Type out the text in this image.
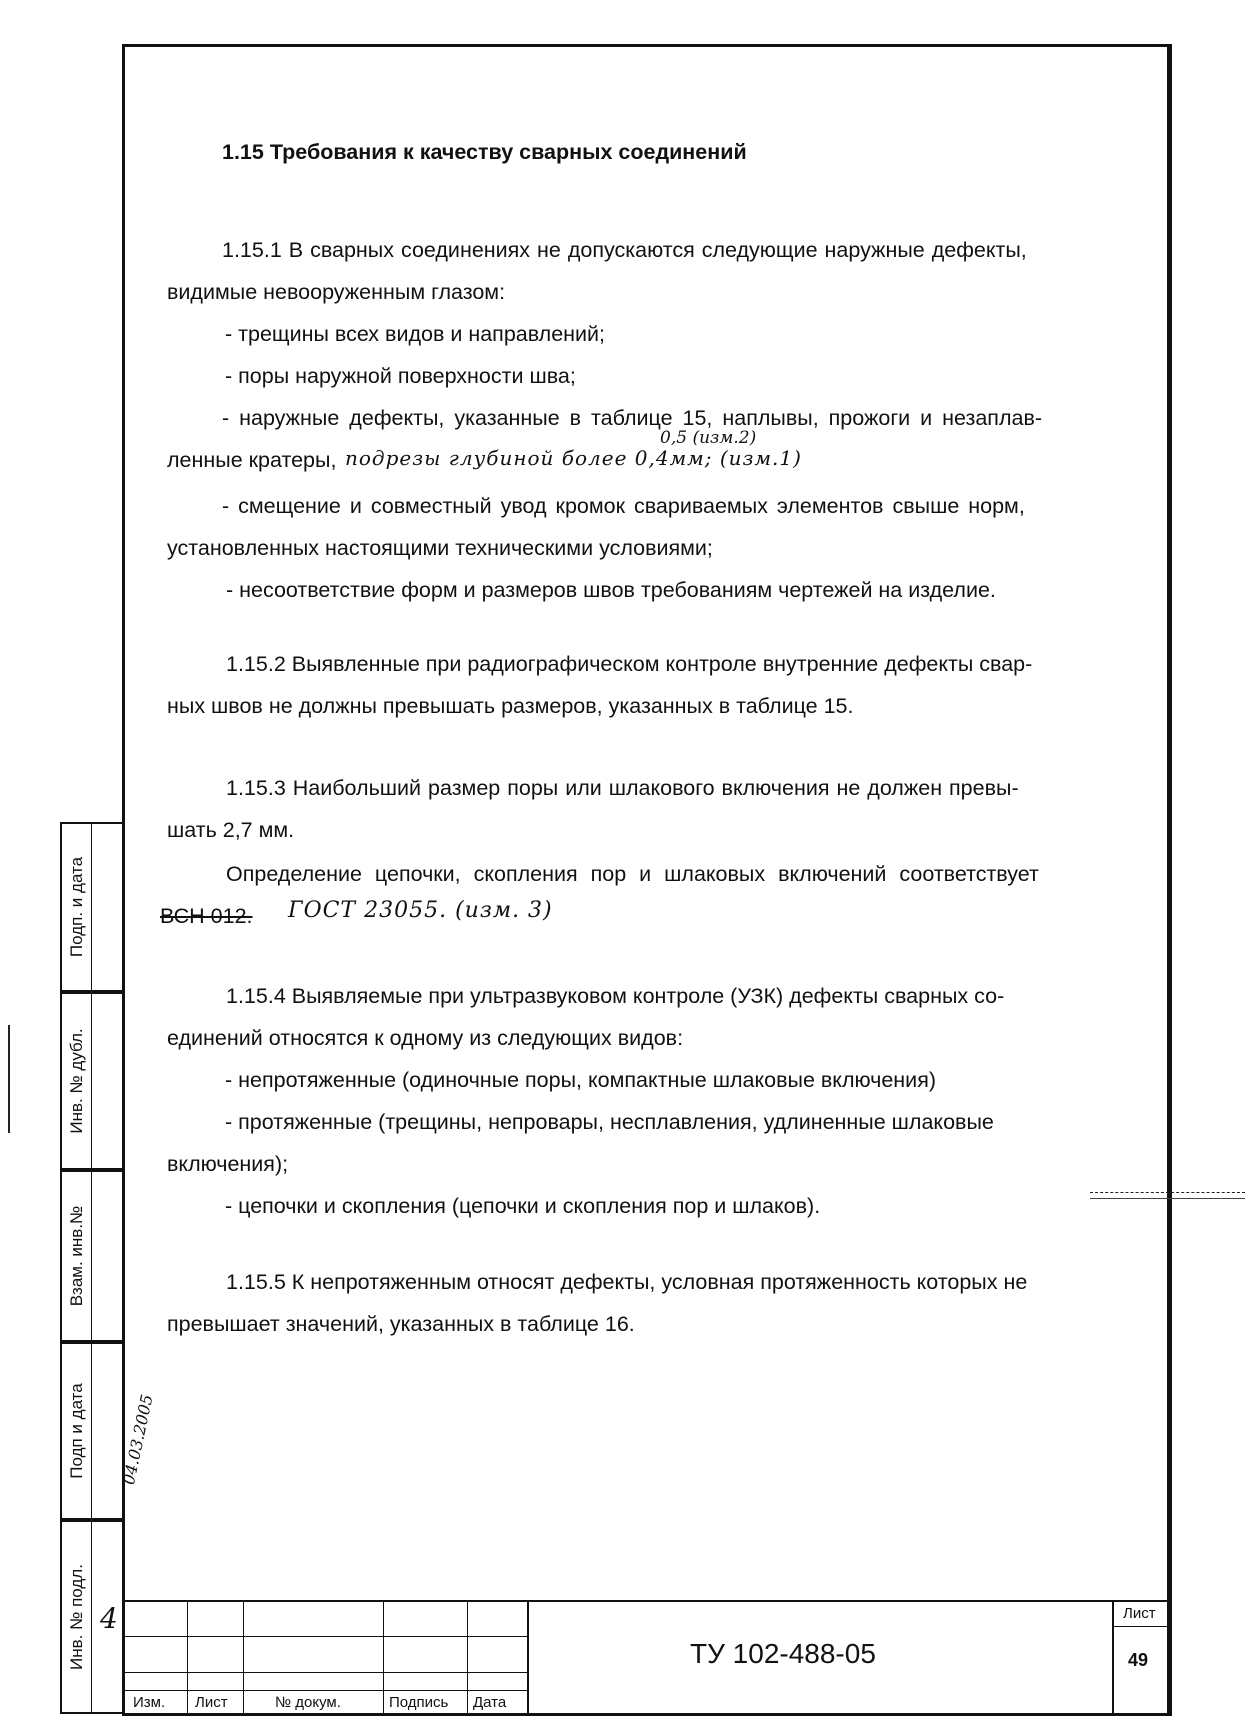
1.15 Требования к качеству сварных соединений
1.15.1 В сварных соединениях не допускаются следующие наружные дефекты,
видимые невооруженным глазом:
- трещины всех видов и направлений;
- поры наружной поверхности шва;
- наружные дефекты, указанные в таблице 15, наплывы, прожоги и незаплав-
ленные кратеры, подрезы глубиной более 0,4мм; (изм.1)
0,5 (изм.2)
- смещение и совместный увод кромок свариваемых элементов свыше норм,
установленных настоящими техническими условиями;
- несоответствие форм и размеров швов требованиям чертежей на изделие.
1.15.2 Выявленные при радиографическом контроле внутренние дефекты свар-
ных швов не должны превышать размеров, указанных в таблице 15.
1.15.3 Наибольший размер поры или шлакового включения не должен превы-
шать 2,7 мм.
Определение цепочки, скопления пор и шлаковых включений соответствует
ВСН 012. ГОСТ 23055. (изм. 3)
1.15.4 Выявляемые при ультразвуковом контроле (УЗК) дефекты сварных со-
единений относятся к одному из следующих видов:
- непротяженные (одиночные поры, компактные шлаковые включения)
- протяженные (трещины, непровары, несплавления, удлиненные шлаковые
включения);
- цепочки и скопления (цепочки и скопления пор и шлаков).
1.15.5 К непротяженным относят дефекты, условная протяженность которых не
превышает значений, указанных в таблице 16.
Подп. и дата
Инв. № дубл.
Взам. инв.№
Подп и дата 04.03.2005
Инв. № подл. 4
Изм. Лист	№ докум.	Подпись Дата
ТУ 102-488-05
Лист
49
